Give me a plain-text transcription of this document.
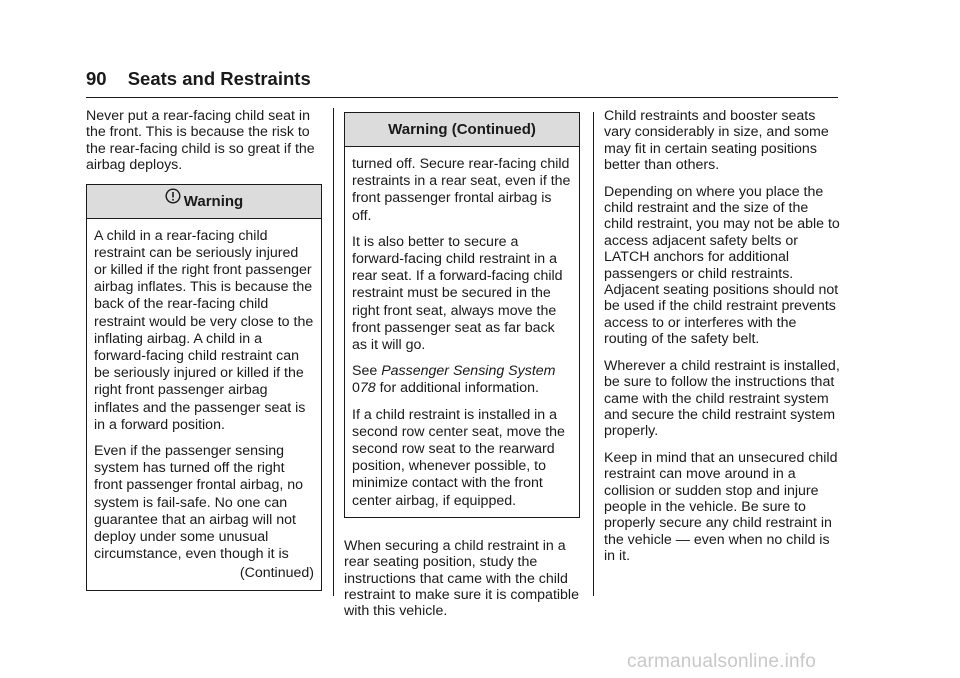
90 Seats and Restraints

Never put a rear-facing child seat in the front. This is because the risk to the rear-facing child is so great if the airbag deploys.

Warning

A child in a rear-facing child restraint can be seriously injured or killed if the right front passenger airbag inflates. This is because the back of the rear-facing child restraint would be very close to the inflating airbag. A child in a forward-facing child restraint can be seriously injured or killed if the right front passenger airbag inflates and the passenger seat is in a forward position.

Even if the passenger sensing system has turned off the right front passenger frontal airbag, no system is fail-safe. No one can guarantee that an airbag will not deploy under some unusual circumstance, even though it is

(Continued)
Warning (Continued)

turned off. Secure rear-facing child restraints in a rear seat, even if the front passenger frontal airbag is off.

It is also better to secure a forward-facing child restraint in a rear seat. If a forward-facing child restraint must be secured in the right front seat, always move the front passenger seat as far back as it will go.

See Passenger Sensing System
078 for additional information.

If a child restraint is installed in a second row center seat, move the second row seat to the rearward position, whenever possible, to minimize contact with the front center airbag, if equipped.

When securing a child restraint in a rear seating position, study the instructions that came with the child restraint to make sure it is compatible with this vehicle.

Child restraints and booster seats vary considerably in size, and some may fit in certain seating positions better than others.

Depending on where you place the child restraint and the size of the child restraint, you may not be able to access adjacent safety belts or LATCH anchors for additional passengers or child restraints. Adjacent seating positions should not be used if the child restraint prevents access to or interferes with the routing of the safety belt.

Wherever a child restraint is installed, be sure to follow the instructions that came with the child restraint system and secure the child restraint system properly.

Keep in mind that an unsecured child restraint can move around in a collision or sudden stop and injure people in the vehicle. Be sure to properly secure any child restraint in the vehicle — even when no child is in it.

carmanualsonline.info
